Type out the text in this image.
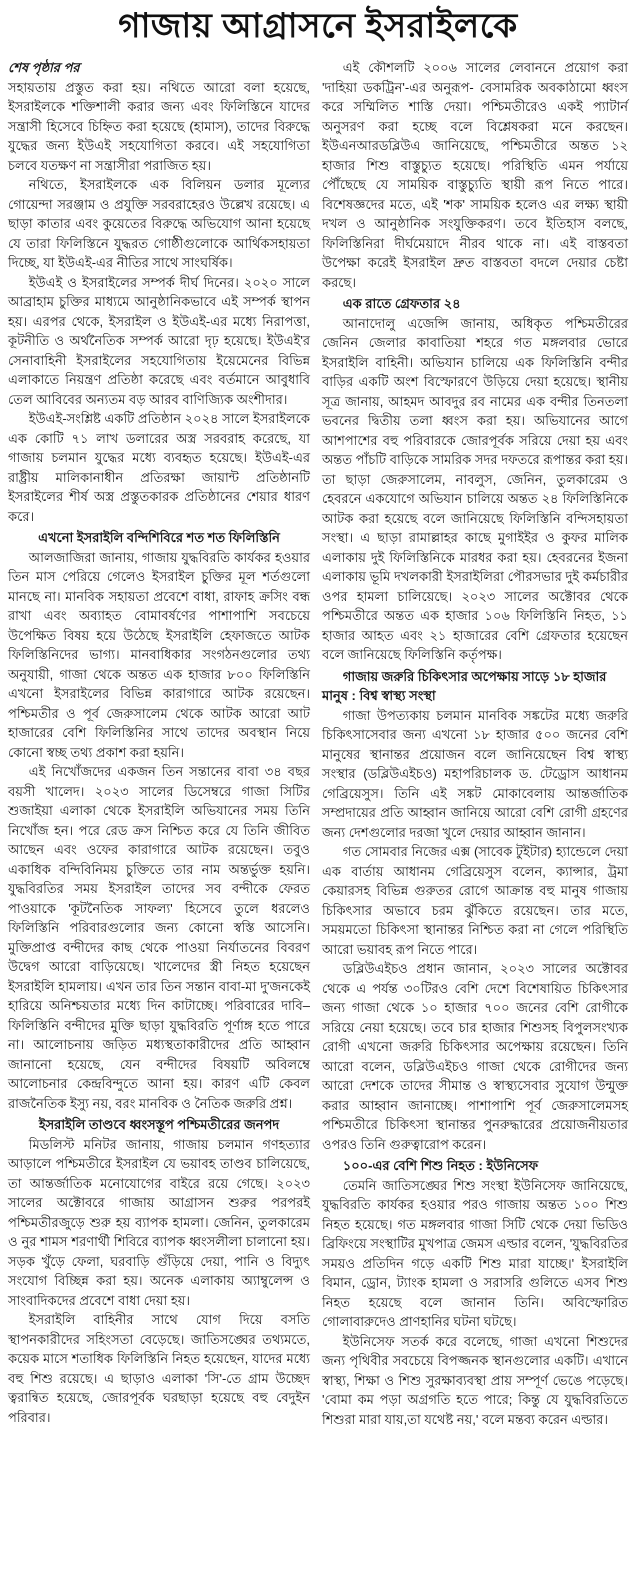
গাজায় আগ্রাসনে ইসরাইলকে

শেষ পৃষ্ঠার পর

সহায়তায় প্রস্তুত করা হয়। নথিতে আরো বলা হয়েছে, ইসরাইলকে শক্তিশালী করার জন্য এবং ফিলিস্তিনে যাদের সন্ত্রাসী হিসেবে চিহ্নিত করা হয়েছে (হামাস), তাদের বিরুদ্ধে যুদ্ধের জন্য ইউএই সহযোগিতা করবে। এই সহযোগিতা চলবে যতক্ষণ না সন্ত্রাসীরা পরাজিত হয়।

নথিতে, ইসরাইলকে এক বিলিয়ন ডলার মূল্যের গোয়েন্দা সরঞ্জাম ও প্রযুক্তি সরবরাহেরও উল্লেখ রয়েছে। এ ছাড়া কাতার এবং কুয়েতের বিরুদ্ধে অভিযোগ আনা হয়েছে যে তারা ফিলিস্তিনে যুদ্ধরত গোষ্ঠীগুলোকে আর্থিকসহায়তা দিচ্ছে, যা ইউএই-এর নীতির সাথে সাংঘর্ষিক।

ইউএই ও ইসরাইলের সম্পর্ক দীর্ঘ দিনের। ২০২০ সালে আব্রাহাম চুক্তির মাধ্যমে আনুষ্ঠানিকভাবে এই সম্পর্ক স্থাপন হয়। এরপর থেকে, ইসরাইল ও ইউএই-এর মধ্যে নিরাপত্তা, কূটনীতি ও অর্থনৈতিক সম্পর্ক আরো দৃঢ় হয়েছে। ইউএই'র সেনাবাহিনী ইসরাইলের সহযোগিতায় ইয়েমেনের বিভিন্ন এলাকাতে নিয়ন্ত্রণ প্রতিষ্ঠা করেছে এবং বর্তমানে আবুধাবি তেল আবিবের অন্যতম বড় আরব বাণিজ্যিক অংশীদার।

ইউএই-সংশ্লিষ্ট একটি প্রতিষ্ঠান ২০২৪ সালে ইসরাইলকে এক কোটি ৭১ লাখ ডলারের অস্ত্র সরবরাহ করেছে, যা গাজায় চলমান যুদ্ধের মধ্যে ব্যবহৃত হয়েছে। ইউএই-এর রাষ্ট্রীয় মালিকানাধীন প্রতিরক্ষা জায়ান্ট প্রতিষ্ঠানটি ইসরাইলের শীর্ষ অস্ত্র প্রস্তুতকারক প্রতিষ্ঠানের শেয়ার ধারণ করে।

এখনো ইসরাইলি বন্দিশিবিরে শত শত ফিলিস্তিনি

আলজাজিরা জানায়, গাজায় যুদ্ধবিরতি কার্যকর হওয়ার তিন মাস পেরিয়ে গেলেও ইসরাইল চুক্তির মূল শর্তগুলো মানছে না। মানবিক সহায়তা প্রবেশে বাধা, রাফাহ ক্রসিং বন্ধ রাখা এবং অব্যাহত বোমাবর্ষণের পাশাপাশি সবচেয়ে উপেক্ষিত বিষয় হয়ে উঠেছে ইসরাইলি হেফাজতে আটক ফিলিস্তিনিদের ভাগ্য। মানবাধিকার সংগঠনগুলোর তথ্য অনুযায়ী, গাজা থেকে অন্তত এক হাজার ৮০০ ফিলিস্তিনি এখনো ইসরাইলের বিভিন্ন কারাগারে আটক রয়েছেন। পশ্চিমতীর ও পূর্ব জেরুসালেম থেকে আটক আরো আট হাজারের বেশি ফিলিস্তিনির সাথে তাদের অবস্থান নিয়ে কোনো স্বচ্ছ তথ্য প্রকাশ করা হয়নি।

এই নিখোঁজদের একজন তিন সন্তানের বাবা ৩৪ বছর বয়সী খালেদ। ২০২৩ সালের ডিসেম্বরে গাজা সিটির শুজাইয়া এলাকা থেকে ইসরাইলি অভিযানের সময় তিনি নিখোঁজ হন। পরে রেড ক্রস নিশ্চিত করে যে তিনি জীবিত আছেন এবং ওফের কারাগারে আটক রয়েছেন। তবুও একাধিক বন্দিবিনিময় চুক্তিতে তার নাম অন্তর্ভুক্ত হয়নি। যুদ্ধবিরতির সময় ইসরাইল তাদের সব বন্দীকে ফেরত পাওয়াকে 'কূটনৈতিক সাফল্য' হিসেবে তুলে ধরলেও ফিলিস্তিনি পরিবারগুলোর জন্য কোনো স্বস্তি আসেনি। মুক্তিপ্রাপ্ত বন্দীদের কাছ থেকে পাওয়া নির্যাতনের বিবরণ উদ্বেগ আরো বাড়িয়েছে। খালেদের স্ত্রী নিহত হয়েছেন ইসরাইলি হামলায়। এখন তার তিন সন্তান বাবা-মা দু'জনকেই হারিয়ে অনিশ্চয়তার মধ্যে দিন কাটাচ্ছে। পরিবারের দাবি– ফিলিস্তিনি বন্দীদের মুক্তি ছাড়া যুদ্ধবিরতি পূর্ণাঙ্গ হতে পারে না। আলোচনায় জড়িত মধ্যস্থতাকারীদের প্রতি আহ্বান জানানো হয়েছে, যেন বন্দীদের বিষয়টি অবিলম্বে আলোচনার কেন্দ্রবিন্দুতে আনা হয়। কারণ এটি কেবল রাজনৈতিক ইস্যু নয়, বরং মানবিক ও নৈতিক জরুরি প্রশ্ন।

ইসরাইলি তাণ্ডবে ধ্বংসস্তূপ পশ্চিমতীরের জনপদ

মিডলিস্ট মনিটর জানায়, গাজায় চলমান গণহত্যার আড়ালে পশ্চিমতীরে ইসরাইল যে ভয়াবহ তাণ্ডব চালিয়েছে, তা আন্তর্জাতিক মনোযোগের বাইরে রয়ে গেছে। ২০২৩ সালের অক্টোবরে গাজায় আগ্রাসন শুরুর পরপরই পশ্চিমতীরজুড়ে শুরু হয় ব্যাপক হামলা। জেনিন, তুলকারেম ও নুর শামস শরণার্থী শিবিরে ব্যাপক ধ্বংসলীলা চালানো হয়। সড়ক খুঁড়ে ফেলা, ঘরবাড়ি গুঁড়িয়ে দেয়া, পানি ও বিদ্যুৎ সংযোগ বিচ্ছিন্ন করা হয়। অনেক এলাকায় অ্যাম্বুলেন্স ও সাংবাদিকদের প্রবেশে বাধা দেয়া হয়।

ইসরাইলি বাহিনীর সাথে যোগ দিয়ে বসতি স্থাপনকারীদের সহিংসতা বেড়েছে। জাতিসঙ্ঘের তথ্যমতে, কয়েক মাসে শতাধিক ফিলিস্তিনি নিহত হয়েছেন, যাদের মধ্যে বহু শিশু রয়েছে। এ ছাড়াও এলাকা 'সি'-তে গ্রাম উচ্ছেদ ত্বরান্বিত হয়েছে, জোরপূর্বক ঘরছাড়া হয়েছে বহু বেদুইন পরিবার।

এই কৌশলটি ২০০৬ সালের লেবাননে প্রয়োগ করা 'দাহিয়া ডকট্রিন'-এর অনুরূপ- বেসামরিক অবকাঠামো ধ্বংস করে সম্মিলিত শাস্তি দেয়া। পশ্চিমতীরেও একই প্যাটার্ন অনুসরণ করা হচ্ছে বলে বিশ্লেষকরা মনে করছেন। ইউএনআরডব্লিউএ জানিয়েছে, পশ্চিমতীরে অন্তত ১২ হাজার শিশু বাস্তুচ্যুত হয়েছে। পরিস্থিতি এমন পর্যায়ে পৌঁছেছে যে সাময়িক বাস্তুচ্যুতি স্থায়ী রূপ নিতে পারে। বিশেষজ্ঞদের মতে, এই 'শক' সাময়িক হলেও এর লক্ষ্য স্থায়ী দখল ও আনুষ্ঠানিক সংযুক্তিকরণ। তবে ইতিহাস বলছে, ফিলিস্তিনিরা দীর্ঘমেয়াদে নীরব থাকে না। এই বাস্তবতা উপেক্ষা করেই ইসরাইল দ্রুত বাস্তবতা বদলে দেয়ার চেষ্টা করছে।

এক রাতে গ্রেফতার ২৪

আনাদোলু এজেন্সি জানায়, অধিকৃত পশ্চিমতীরের জেনিন জেলার কাবাতিয়া শহরে গত মঙ্গলবার ভোরে ইসরাইলি বাহিনী। অভিযান চালিয়ে এক ফিলিস্তিনি বন্দীর বাড়ির একটি অংশ বিস্ফোরণে উড়িয়ে দেয়া হয়েছে। স্থানীয় সূত্র জানায়, আহমদ আবদুর রব নামের এক বন্দীর তিনতলা ভবনের দ্বিতীয় তলা ধ্বংস করা হয়। অভিযানের আগে আশপাশের বহু পরিবারকে জোরপূর্বক সরিয়ে দেয়া হয় এবং অন্তত পাঁচটি বাড়িকে সামরিক সদর দফতরে রূপান্তর করা হয়। তা ছাড়া জেরুসালেম, নাবলুস, জেনিন, তুলকারেম ও হেবরনে একযোগে অভিযান চালিয়ে অন্তত ২৪ ফিলিস্তিনিকে আটক করা হয়েছে বলে জানিয়েছে ফিলিস্তিনি বন্দিসহায়তা সংস্থা। এ ছাড়া রামাল্লাহর কাছে মুগাইইর ও কুফর মালিক এলাকায় দুই ফিলিস্তিনিকে মারধর করা হয়। হেবরনের ইজনা এলাকায় ভূমি দখলকারী ইসরাইলিরা পৌরসভার দুই কর্মচারীর ওপর হামলা চালিয়েছে। ২০২৩ সালের অক্টোবর থেকে পশ্চিমতীরে অন্তত এক হাজার ১০৬ ফিলিস্তিনি নিহত, ১১ হাজার আহত এবং ২১ হাজারের বেশি গ্রেফতার হয়েছেন বলে জানিয়েছে ফিলিস্তিনি কর্তৃপক্ষ।

গাজায় জরুরি চিকিৎসার অপেক্ষায় সাড়ে ১৮ হাজার মানুষ : বিশ্ব স্বাস্থ্য সংস্থা

গাজা উপত্যকায় চলমান মানবিক সঙ্কটের মধ্যে জরুরি চিকিৎসাসেবার জন্য এখনো ১৮ হাজার ৫০০ জনের বেশি মানুষের স্থানান্তর প্রয়োজন বলে জানিয়েছেন বিশ্ব স্বাস্থ্য সংস্থার (ডব্লিউএইচও) মহাপরিচালক ড. টেড্রোস আধানম গেব্রিয়েসুস। তিনি এই সঙ্কট মোকাবেলায় আন্তর্জাতিক সম্প্রদায়ের প্রতি আহ্বান জানিয়ে আরো বেশি রোগী গ্রহণের জন্য দেশগুলোর দরজা খুলে দেয়ার আহ্বান জানান।

গত সোমবার নিজের এক্স (সাবেক টুইটার) হ্যান্ডেলে দেয়া এক বার্তায় আধানম গেব্রিয়েসুস বলেন, ক্যান্সার, ট্রমা কেয়ারসহ বিভিন্ন গুরুতর রোগে আক্রান্ত বহু মানুষ গাজায় চিকিৎসার অভাবে চরম ঝুঁকিতে রয়েছেন। তার মতে, সময়মতো চিকিৎসা স্থানান্তর নিশ্চিত করা না গেলে পরিস্থিতি আরো ভয়াবহ রূপ নিতে পারে।

ডব্লিউএইচও প্রধান জানান, ২০২৩ সালের অক্টোবর থেকে এ পর্যন্ত ৩০টিরও বেশি দেশে বিশেষায়িত চিকিৎসার জন্য গাজা থেকে ১০ হাজার ৭০০ জনের বেশি রোগীকে সরিয়ে নেয়া হয়েছে। তবে চার হাজার শিশুসহ বিপুলসংখ্যক রোগী এখনো জরুরি চিকিৎসার অপেক্ষায় রয়েছেন। তিনি আরো বলেন, ডব্লিউএইচও গাজা থেকে রোগীদের জন্য আরো দেশকে তাদের সীমান্ত ও স্বাস্থ্যসেবার সুযোগ উন্মুক্ত করার আহ্বান জানাচ্ছে। পাশাপাশি পূর্ব জেরুসালেমসহ পশ্চিমতীরে চিকিৎসা স্থানান্তর পুনরুদ্ধারের প্রয়োজনীয়তার ওপরও তিনি গুরুত্বারোপ করেন।

১০০-এর বেশি শিশু নিহত : ইউনিসেফ

তেমনি জাতিসঙ্ঘের শিশু সংস্থা ইউনিসেফ জানিয়েছে, যুদ্ধবিরতি কার্যকর হওয়ার পরও গাজায় অন্তত ১০০ শিশু নিহত হয়েছে। গত মঙ্গলবার গাজা সিটি থেকে দেয়া ভিডিও ব্রিফিংয়ে সংস্থাটির মুখপাত্র জেমস এল্ডার বলেন, 'যুদ্ধবিরতির সময়ও প্রতিদিন গড়ে একটি শিশু মারা যাচ্ছে।' ইসরাইলি বিমান, ড্রোন, ট্যাংক হামলা ও সরাসরি গুলিতে এসব শিশু নিহত হয়েছে বলে জানান তিনি। অবিস্ফোরিত গোলাবারুদেও প্রাণহানির ঘটনা ঘটছে।

ইউনিসেফ সতর্ক করে বলেছে, গাজা এখনো শিশুদের জন্য পৃথিবীর সবচেয়ে বিপজ্জনক স্থানগুলোর একটি। এখানে স্বাস্থ্য, শিক্ষা ও শিশু সুরক্ষাব্যবস্থা প্রায় সম্পূর্ণ ভেঙে পড়েছে। 'বোমা কম পড়া অগ্রগতি হতে পারে; কিন্তু যে যুদ্ধবিরতিতে শিশুরা মারা যায়,তা যথেষ্ট নয়,' বলে মন্তব্য করেন এল্ডার।
